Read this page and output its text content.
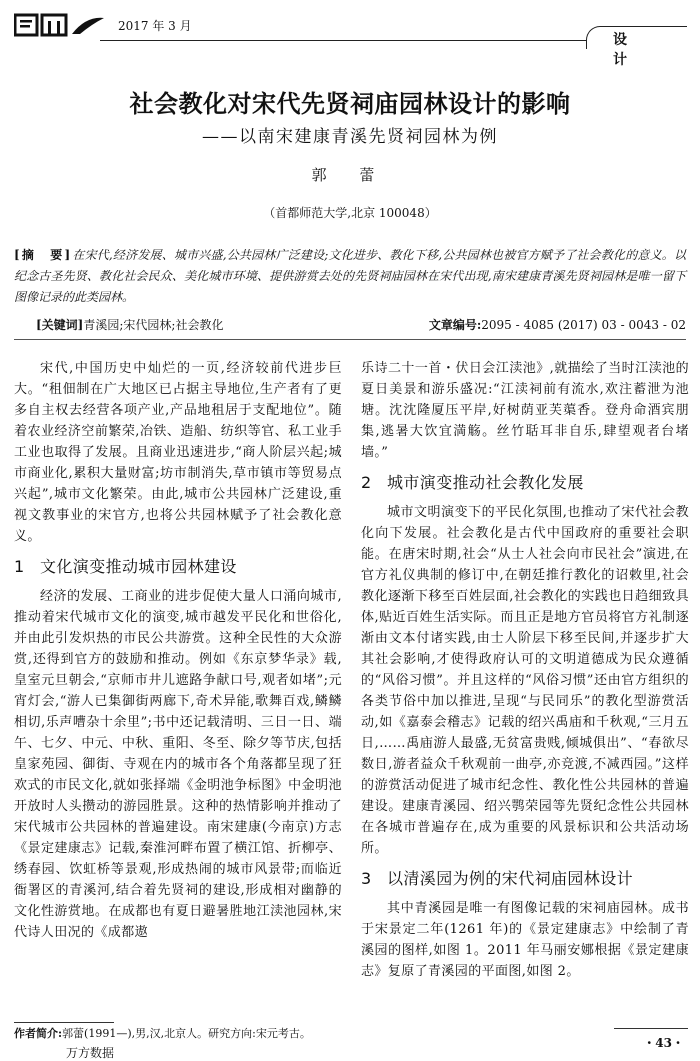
2017 年 3 月
设 计
社会教化对宋代先贤祠庙园林设计的影响
——以南宋建康青溪先贤祠园林为例
郭 蕾
（首都师范大学,北京 100048）
[摘　要]在宋代,经济发展、城市兴盛,公共园林广泛建设;文化进步、教化下移,公共园林也被官方赋予了社会教化的意义。以纪念古圣先贤、教化社会民众、美化城市环境、提供游赏去处的先贤祠庙园林在宋代出现,南宋建康青溪先贤祠园林是唯一留下图像记录的此类园林。
[关键词]青溪园;宋代园林;社会教化	文章编号:2095 - 4085 (2017) 03 - 0043 - 02

宋代,中国历史中灿烂的一页,经济较前代进步巨大。“租佃制在广大地区已占据主导地位,生产者有了更多自主权去经营各项产业,产品地租居于支配地位”。随着农业经济空前繁荣,冶铁、造船、纺织等官、私工业手工业也取得了发展。且商业迅速进步,“商人阶层兴起;城市商业化,累积大量财富;坊市制消失,草市镇市等贸易点兴起”,城市文化繁荣。由此,城市公共园林广泛建设,重视文教事业的宋官方,也将公共园林赋予了社会教化意义。

1 文化演变推动城市园林建设

经济的发展、工商业的进步促使大量人口涌向城市,推动着宋代城市文化的演变,城市越发平民化和世俗化,并由此引发炽热的市民公共游赏。这种全民性的大众游赏,还得到官方的鼓励和推动。例如《东京梦华录》载,皇室元旦朝会,“京师市井儿遮路争献口号,观者如堵”;元宵灯会,“游人已集御街两廊下,奇术异能,歌舞百戏,鳞鳞相切,乐声嘈杂十余里”;书中还记载清明、三日一日、端午、七夕、中元、中秋、重阳、冬至、除夕等节庆,包括皇家苑园、御街、寺观在内的城市各个角落都呈现了狂欢式的市民文化,就如张择端《金明池争标图》中金明池开放时人头攒动的游园胜景。这种的热情影响并推动了宋代城市公共园林的普遍建设。南宋建康(今南京)方志《景定建康志》记载,秦淮河畔布置了横江馆、折柳亭、绣春园、饮虹桥等景观,形成热闹的城市风景带;而临近衙署区的青溪河,结合着先贤祠的建设,形成相对幽静的文化性游赏地。在成都也有夏日避暑胜地江渎池园林,宋代诗人田况的《成都遨

乐诗二十一首・伏日会江渎池》,就描绘了当时江渎池的夏日美景和游乐盛况:“江渎祠前有流水,欢注蓄泄为池塘。沈沈隆厦压平岸,好树荫亚芙蕖香。登舟命酒宾朋集,逃暑大饮宜満觞。丝竹聒耳非自乐,肆望观者台堵墙。”

2 城市演变推动社会教化发展

城市文明演变下的平民化氛围,也推动了宋代社会教化向下发展。社会教化是古代中国政府的重要社会职能。在唐宋时期,社会“从士人社会向市民社会”演进,在官方礼仪典制的修订中,在朝廷推行教化的诏敕里,社会教化逐渐下移至百姓层面,社会教化的实践也日趋细致具体,贴近百姓生活实际。而且正是地方官员将官方礼制逐渐由文本付诸实践,由士人阶层下移至民间,并逐步扩大其社会影响,才使得政府认可的文明道德成为民众遵循的“风俗习惯”。并且这样的“风俗习惯”还由官方组织的各类节俗中加以推进,呈现“与民同乐”的教化型游赏活动,如《嘉泰会稽志》记载的绍兴禹庙和千秋观,“三月五日,……禹庙游人最盛,无贫富贵贱,倾城俱出”、“春欲尽数日,游者益众千秋观前一曲亭,亦竞渡,不减西园。”这样的游赏活动促进了城市纪念性、教化性公共园林的普遍建设。建康青溪园、绍兴鹗荣园等先贤纪念性公共园林在各城市普遍存在,成为重要的风景标识和公共活动场所。

3 以清溪园为例的宋代祠庙园林设计

其中青溪园是唯一有图像记载的宋祠庙园林。成书于宋景定二年(1261 年)的《景定建康志》中绘制了青溪园的图样,如图 1。2011 年马丽安娜根据《景定建康志》复原了青溪园的平面图,如图 2。

作者简介:郭蕾(1991—),男,汉,北京人。研究方向:宋元考古。
万方数据
・43・
